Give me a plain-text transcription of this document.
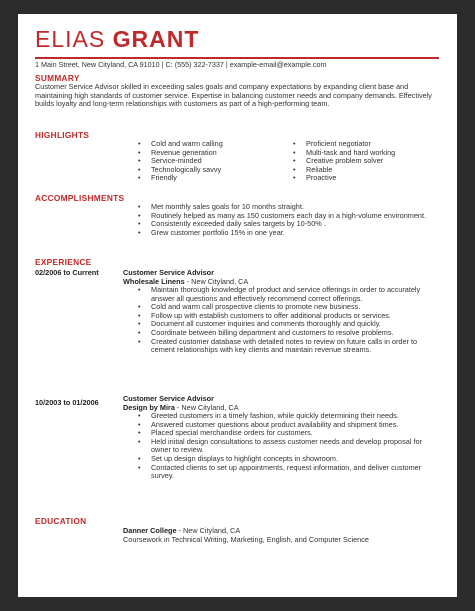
ELIAS GRANT
1 Main Street, New Cityland, CA 91010 | C: (555) 322-7337 | example-email@example.com
SUMMARY
Customer Service Advisor skilled in exceeding sales goals and company expectations by expanding client base and maintaining high standards of customer service. Expertise in balancing customer needs and company demands. Effectively builds loyalty and long-term relationships with customers as part of a high-performing team.
HIGHLIGHTS
• Cold and warm calling
• Revenue generation
• Service-minded
• Technologically savvy
• Friendly
• Proficient negotiator
• Multi-task and hard working
• Creative problem solver
• Reliable
• Proactive
ACCOMPLISHMENTS
• Met monthly sales goals for 10 months straight.
• Routinely helped as many as 150 customers each day in a high-volume environment.
• Consistently exceeded daily sales targets by 10-50% .
• Grew customer portfolio 15% in one year.
EXPERIENCE
02/2006 to Current	Customer Service Advisor
Wholesale Linens - New Cityland, CA
• Maintain thorough knowledge of product and service offerings in order to accurately answer all questions and effectively recommend correct offerings.
• Cold and warm call prospective clients to promote new business.
• Follow up with establish customers to offer additional products or services.
• Document all customer inquiries and comments thoroughly and quickly.
• Coordinate between billing department and customers to resolve problems.
• Created customer database with detailed notes to review on future calls in order to cement relationships with key clients and maintain revenue streams.
10/2003 to 01/2006	Customer Service Advisor
Design by Mira - New Cityland, CA
• Greeted customers in a timely fashion, while quickly determining their needs.
• Answered customer questions about product availability and shipment times.
• Placed special merchandise orders for customers.
• Held initial design consultations to assess customer needs and develop proposal for owner to review.
• Set up design displays to highlight concepts in showroom.
• Contacted clients to set up appointments, request information, and deliver customer survey.
EDUCATION
Danner College - New Cityland, CA
Coursework in Technical Writing, Marketing, English, and Computer Science
